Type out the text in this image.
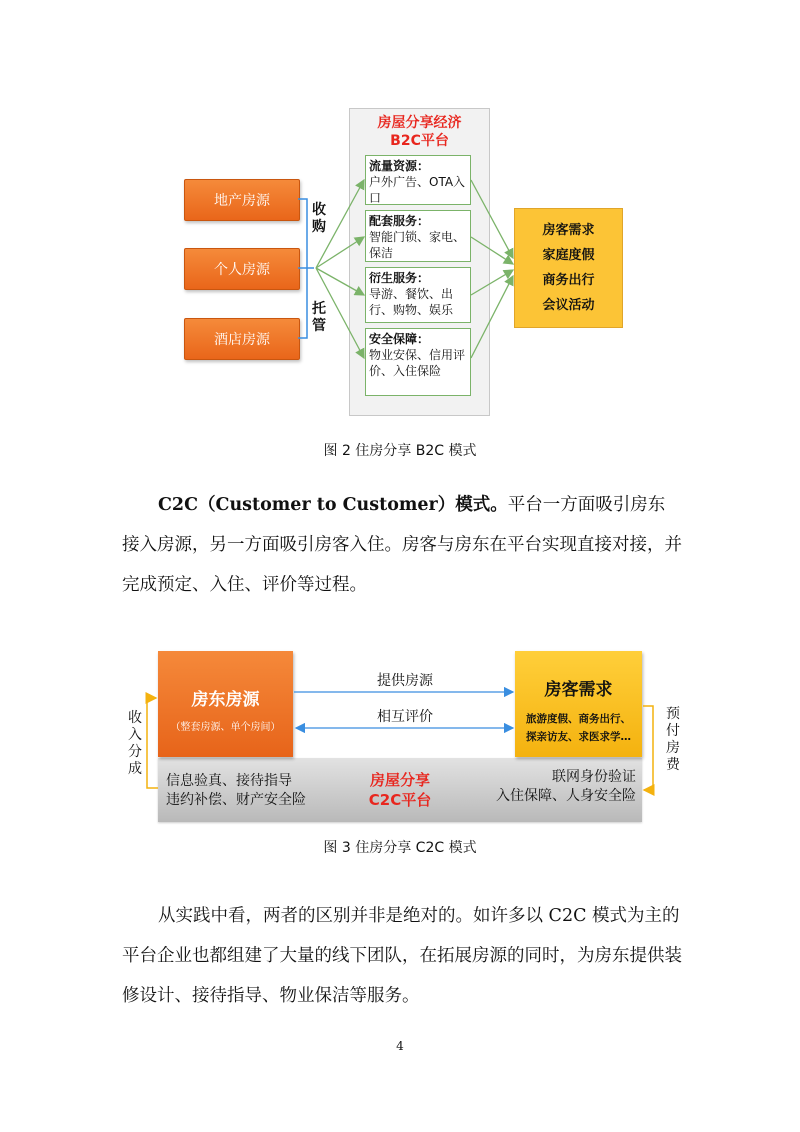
房屋分享经济
B2C平台
地产房源
个人房源
酒店房源
收
购
托
管
流量资源：
户外广告、OTA入口
配套服务：
智能门锁、家电、保洁
衍生服务：
导游、餐饮、出行、购物、娱乐
安全保障：
物业安保、信用评价、入住保险
房客需求
家庭度假
商务出行
会议活动
图 2 住房分享 B2C 模式
C2C（Customer to Customer）模式。平台一方面吸引房东接入房源，另一方面吸引房客入住。房客与房东在平台实现直接对接，并完成预定、入住、评价等过程。
房东房源
（整套房源、单个房间）
房客需求
旅游度假、商务出行、
探亲访友、求医求学…
提供房源
相互评价
收
入
分
成
预
付
房
费
信息验真、接待指导
违约补偿、财产安全险
房屋分享
C2C平台
联网身份验证
入住保障、人身安全险
图 3 住房分享 C2C 模式
从实践中看，两者的区别并非是绝对的。如许多以 C2C 模式为主的平台企业也都组建了大量的线下团队，在拓展房源的同时，为房东提供装修设计、接待指导、物业保洁等服务。
4
